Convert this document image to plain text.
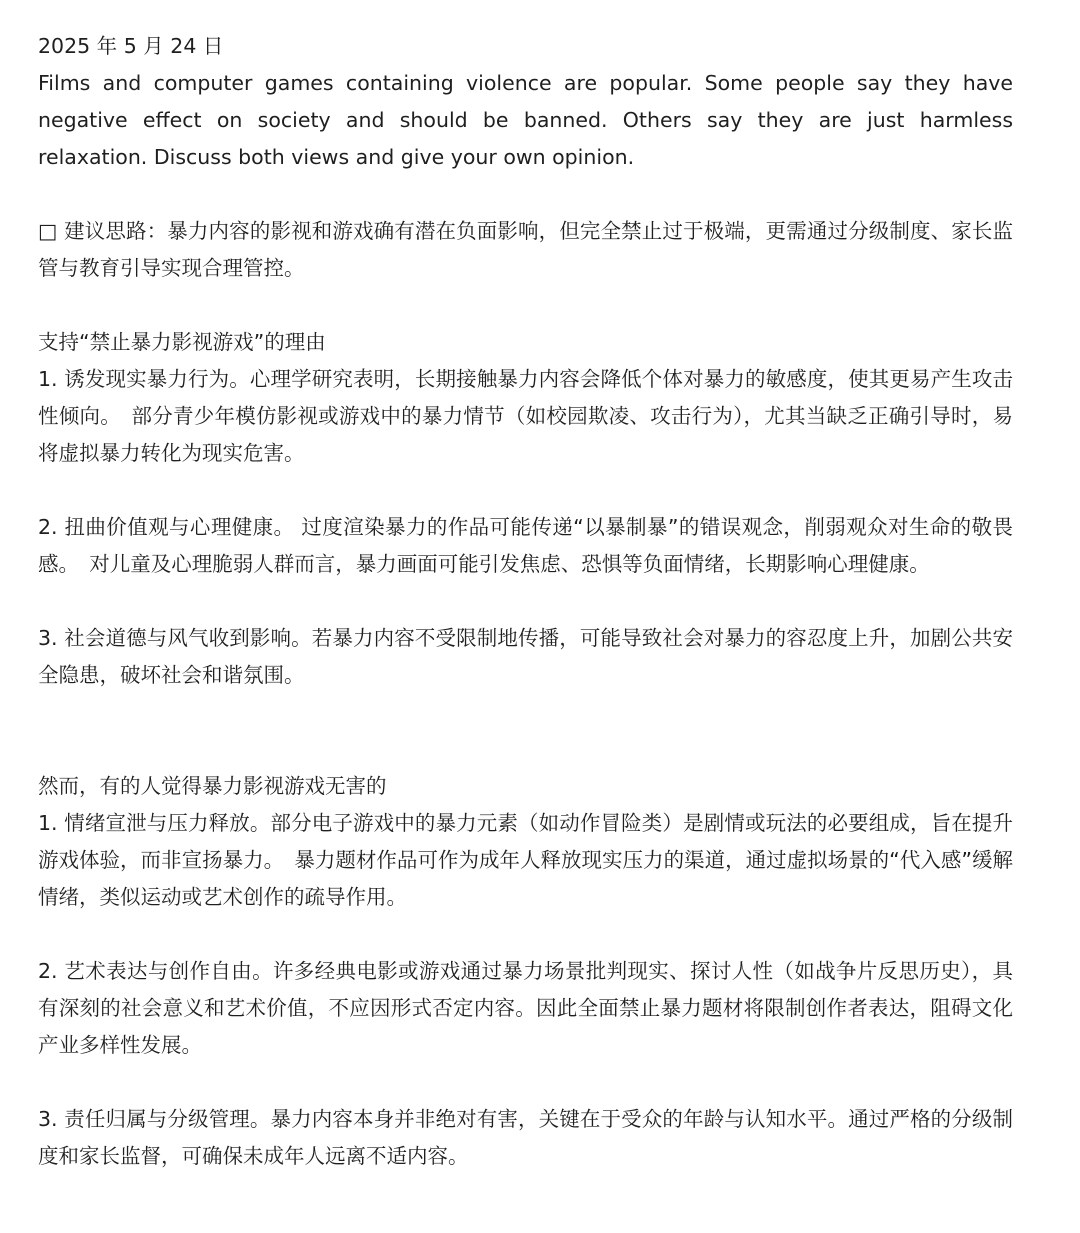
2025 年 5 月 24 日

Films and computer games containing violence are popular. Some people say they have negative effect on society and should be banned. Others say they are just harmless relaxation. Discuss both views and give your own opinion.

□ 建议思路：暴力内容的影视和游戏确有潜在负面影响，但完全禁止过于极端，更需通过分级制度、家长监管与教育引导实现合理管控。

支持“禁止暴力影视游戏”的理由

1. 诱发现实暴力行为。心理学研究表明，长期接触暴力内容会降低个体对暴力的敏感度，使其更易产生攻击性倾向。　部分青少年模仿影视或游戏中的暴力情节（如校园欺凌、攻击行为），尤其当缺乏正确引导时，易将虚拟暴力转化为现实危害。

2. 扭曲价值观与心理健康。 过度渲染暴力的作品可能传递“以暴制暴”的错误观念，削弱观众对生命的敬畏感。　对儿童及心理脆弱人群而言，暴力画面可能引发焦虑、恐惧等负面情绪，长期影响心理健康。

3. 社会道德与风气收到影响。若暴力内容不受限制地传播，可能导致社会对暴力的容忍度上升，加剧公共安全隐患，破坏社会和谐氛围。

然而，有的人觉得暴力影视游戏无害的

1. 情绪宣泄与压力释放。部分电子游戏中的暴力元素（如动作冒险类）是剧情或玩法的必要组成，旨在提升游戏体验，而非宣扬暴力。　暴力题材作品可作为成年人释放现实压力的渠道，通过虚拟场景的“代入感”缓解情绪，类似运动或艺术创作的疏导作用。

2. 艺术表达与创作自由。许多经典电影或游戏通过暴力场景批判现实、探讨人性（如战争片反思历史），具有深刻的社会意义和艺术价值，不应因形式否定内容。因此全面禁止暴力题材将限制创作者表达，阻碍文化产业多样性发展。

3. 责任归属与分级管理。暴力内容本身并非绝对有害，关键在于受众的年龄与认知水平。通过严格的分级制度和家长监督，可确保未成年人远离不适内容。
